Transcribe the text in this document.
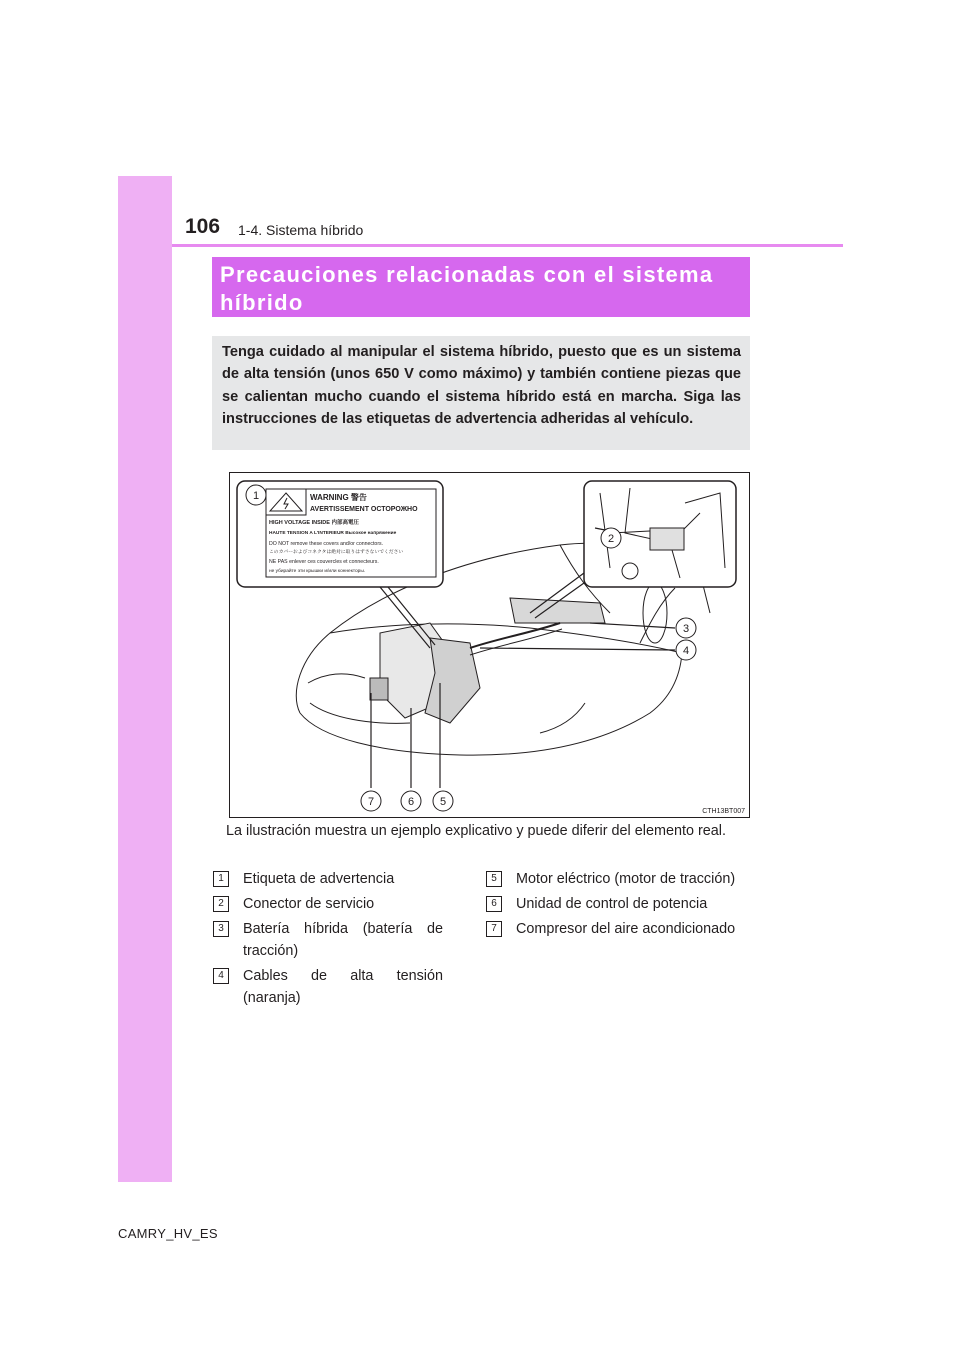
106 1-4. Sistema híbrido
Precauciones relacionadas con el sistema
híbrido
Tenga cuidado al manipular el sistema híbrido, puesto que es un sistema de alta tensión (unos 650 V como máximo) y también contiene piezas que se calientan mucho cuando el sistema híbrido está en marcha. Siga las instrucciones de las etiquetas de advertencia adheridas al vehículo.
1
2
3
4
5
6
7
WARNING 警告
AVERTISSEMENT ОСТОРОЖНО
HIGH VOLTAGE INSIDE 内部高電圧
HAUTE TENSION A L'INTERIEUR Высокое напряжение
DO NOT remove these covers and/or connectors.
このカバーおよびコネクタは絶対に取りはずさないでください
NE PAS enlever ces couvercles et connecteurs.
не убирайте эти крышки и/или коннекторы.
CTH13BT007
La ilustración muestra un ejemplo explicativo y puede diferir del elemento real.
1	Etiqueta de advertencia
2	Conector de servicio
3	Batería híbrida (batería de tracción)
4	Cables de alta tensión (naranja)
5	Motor eléctrico (motor de tracción)
6	Unidad de control de potencia
7	Compresor del aire acondicionado
CAMRY_HV_ES
